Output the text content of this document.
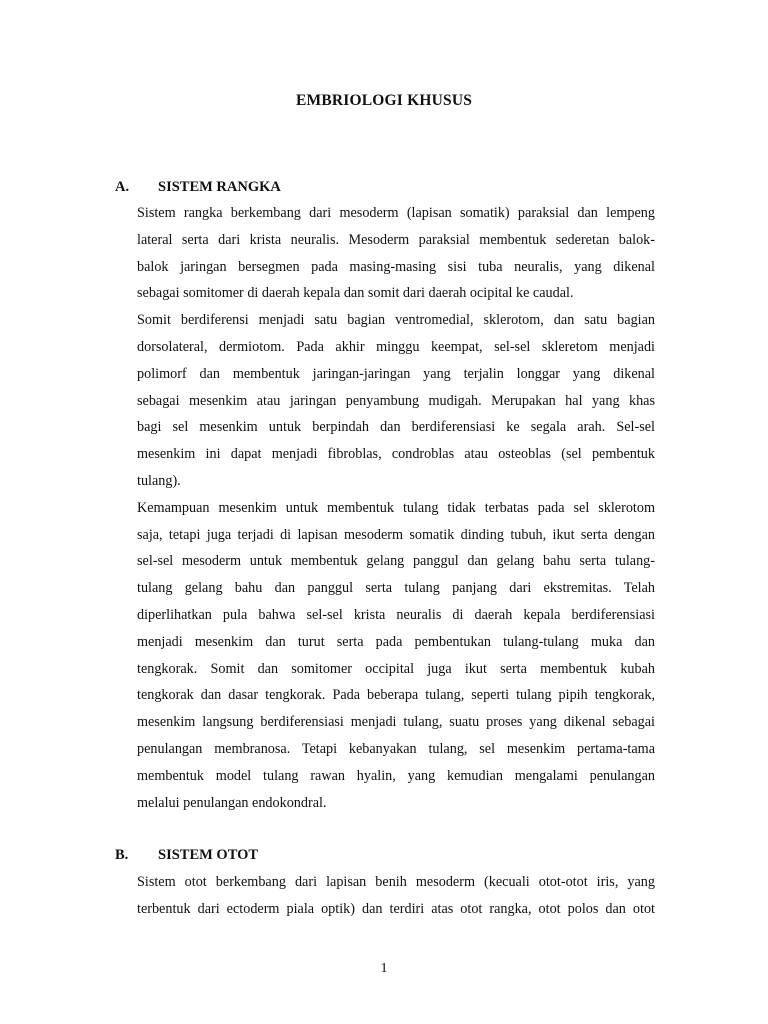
EMBRIOLOGI KHUSUS
A. SISTEM RANGKA

Sistem rangka berkembang dari mesoderm (lapisan somatik) paraksial dan lempeng

lateral serta dari krista neuralis. Mesoderm paraksial membentuk sederetan balok-

balok jaringan bersegmen pada masing-masing sisi tuba neuralis, yang dikenal

sebagai somitomer di daerah kepala dan somit dari daerah ocipital ke caudal.

Somit berdiferensi menjadi satu bagian ventromedial, sklerotom, dan satu bagian

dorsolateral, dermiotom. Pada akhir minggu keempat, sel-sel skleretom menjadi

polimorf dan membentuk jaringan-jaringan yang terjalin longgar yang dikenal

sebagai mesenkim atau jaringan penyambung mudigah. Merupakan hal yang khas

bagi sel mesenkim untuk berpindah dan berdiferensiasi ke segala arah. Sel-sel

mesenkim ini dapat menjadi fibroblas, condroblas atau osteoblas (sel pembentuk

tulang).

Kemampuan mesenkim untuk membentuk tulang tidak terbatas pada sel sklerotom

saja, tetapi juga terjadi di lapisan mesoderm somatik dinding tubuh, ikut serta dengan

sel-sel mesoderm untuk membentuk gelang panggul dan gelang bahu serta tulang-

tulang gelang bahu dan panggul serta tulang panjang dari ekstremitas. Telah

diperlihatkan pula bahwa sel-sel krista neuralis di daerah kepala berdiferensiasi

menjadi mesenkim dan turut serta pada pembentukan tulang-tulang muka dan

tengkorak. Somit dan somitomer occipital juga ikut serta membentuk kubah

tengkorak dan dasar tengkorak. Pada beberapa tulang, seperti tulang pipih tengkorak,

mesenkim langsung berdiferensiasi menjadi tulang, suatu proses yang dikenal sebagai

penulangan membranosa. Tetapi kebanyakan tulang, sel mesenkim pertama-tama

membentuk model tulang rawan hyalin, yang kemudian mengalami penulangan

melalui penulangan endokondral.

B. SISTEM OTOT

Sistem otot berkembang dari lapisan benih mesoderm (kecuali otot-otot iris, yang

terbentuk dari ectoderm piala optik) dan terdiri atas otot rangka, otot polos dan otot

1
